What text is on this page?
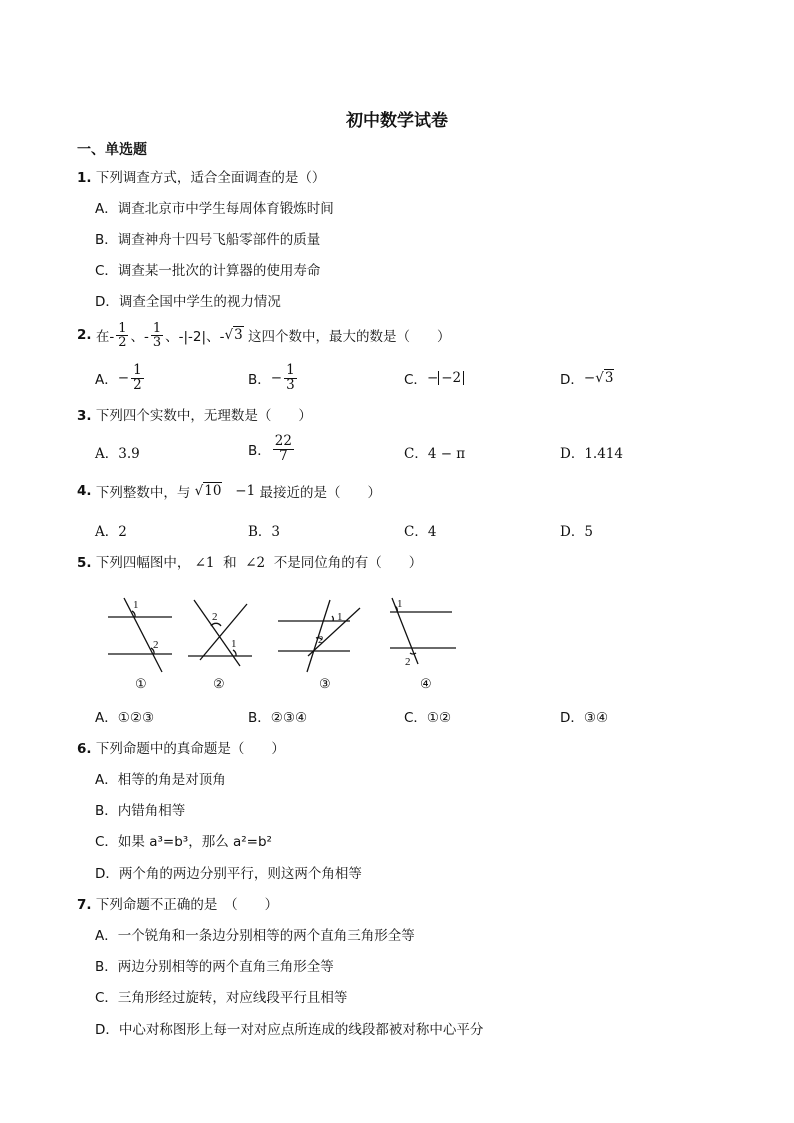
初中数学试卷
一、单选题
1. 下列调查方式，适合全面调查的是（）
A．调查北京市中学生每周体育锻炼时间
B．调查神舟十四号飞船零部件的质量
C．调查某一批次的计算器的使用寿命
D．调查全国中学生的视力情况
2.
在- $\frac{1}{2}$ 、- $\frac{1}{3}$ 、-|-2|、- √3
这四个数中，最大的数是（　　）
A． − $\frac{1}{2}$	B． − $\frac{1}{3}$	C． − −2	D． − √3
3. 下列四个实数中，无理数是（　　）
A．3.9	B． $\frac{22}{7}$	C．4 − π	D．1.414
4.
下列整数中，与
√10
−1
最接近的是（　　）
A．2	B．3	C．4	D．5
5. 下列四幅图中， ∠1 和 ∠2 不是同位角的有（　　）
1
2
2
1
1
2
1
2
①	②	③	④
A．①②③	B．②③④	C．①②	D．③④
6. 下列命题中的真命题是（　　）
A．相等的角是对顶角
B．内错角相等
C．如果 a³=b³，那么 a²=b²
D．两个角的两边分别平行，则这两个角相等
7. 下列命题不正确的是　（　　）
A．一个锐角和一条边分别相等的两个直角三角形全等
B．两边分别相等的两个直角三角形全等
C．三角形经过旋转，对应线段平行且相等
D．中心对称图形上每一对对应点所连成的线段都被对称中心平分
